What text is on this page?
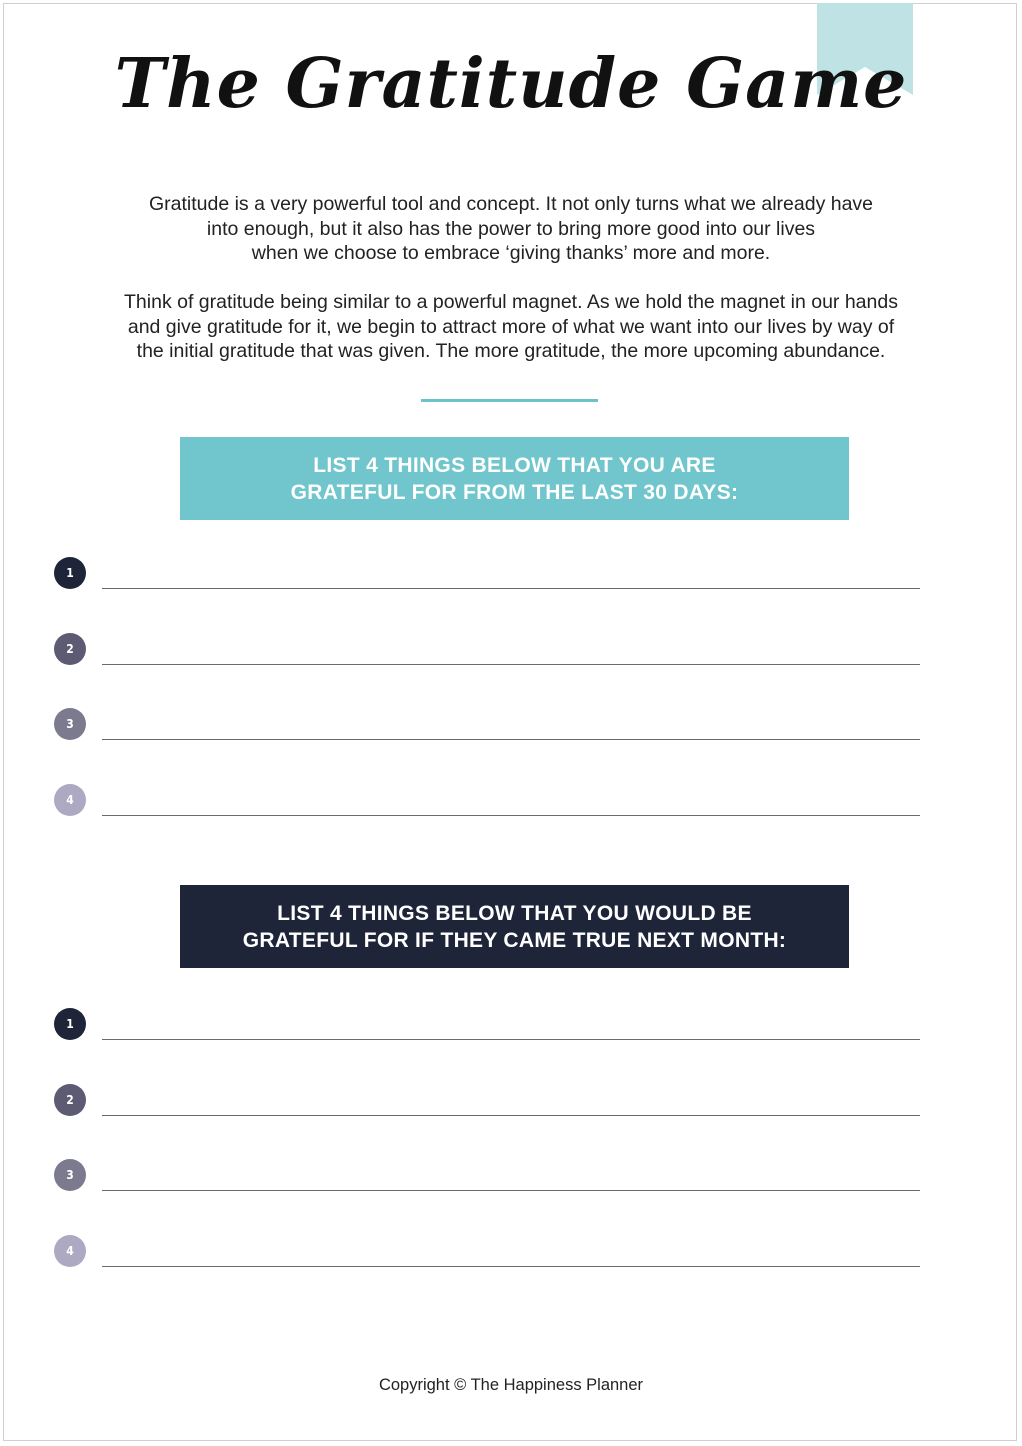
The Gratitude Game

Gratitude is a very powerful tool and concept. It not only turns what we already have
into enough, but it also has the power to bring more good into our lives
when we choose to embrace ‘giving thanks’ more and more.

Think of gratitude being similar to a powerful magnet. As we hold the magnet in our hands
and give gratitude for it, we begin to attract more of what we want into our lives by way of
the initial gratitude that was given. The more gratitude, the more upcoming abundance.

LIST 4 THINGS BELOW THAT YOU ARE
GRATEFUL FOR FROM THE LAST 30 DAYS:
1
2
3
4
LIST 4 THINGS BELOW THAT YOU WOULD BE
GRATEFUL FOR IF THEY CAME TRUE NEXT MONTH:
1
2
3
4
Copyright © The Happiness Planner
